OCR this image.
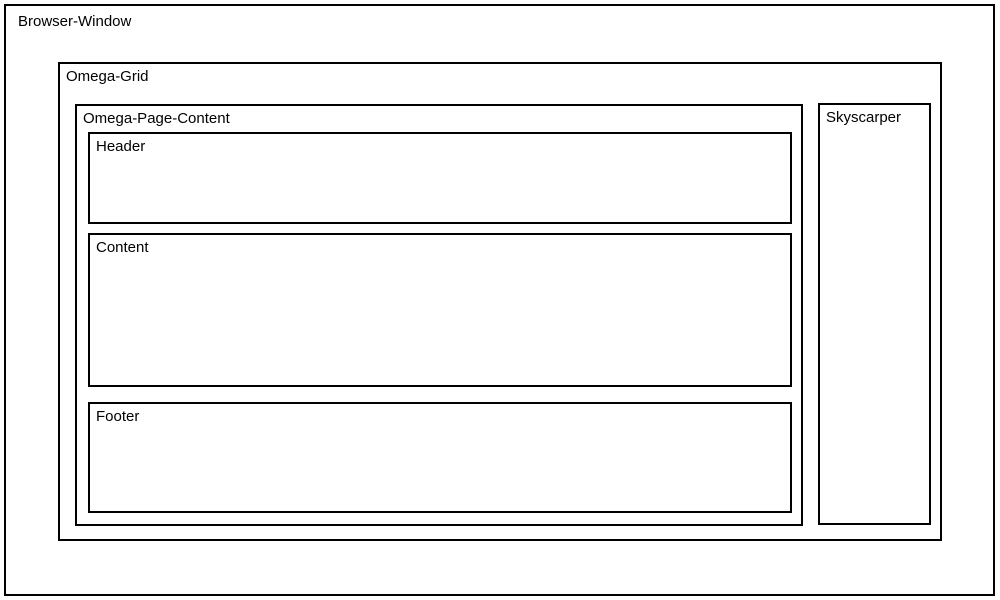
Browser-Window
Omega-Grid
Omega-Page-Content
Header
Content
Footer
Skyscarper
